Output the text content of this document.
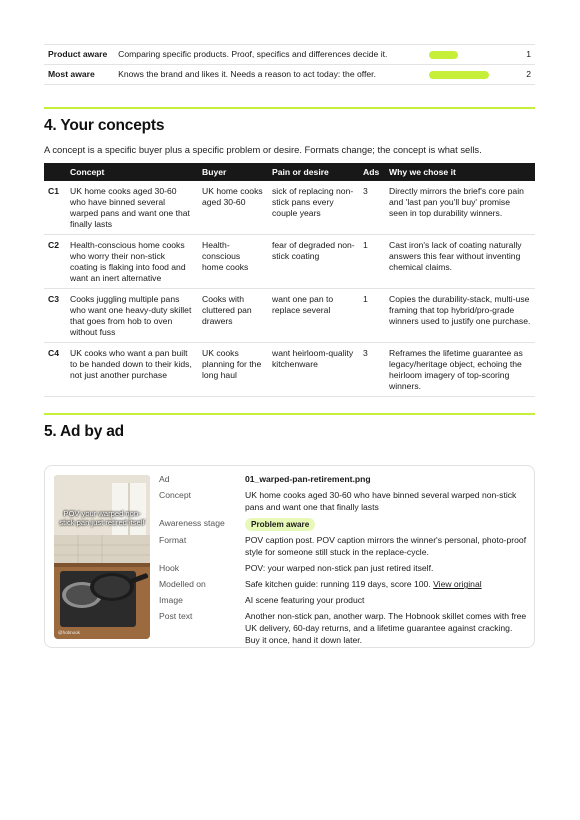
Product aware	Comparing specific products. Proof, specifics and differences decide it.		1
Most aware	Knows the brand and likes it. Needs a reason to act today: the offer.		2
4. Your concepts

A concept is a specific buyer plus a specific problem or desire. Formats change; the concept is what sells.

	Concept	Buyer	Pain or desire	Ads	Why we chose it
C1	UK home cooks aged 30-60 who have binned several warped pans and want one that finally lasts	UK home cooks aged 30-60	sick of replacing non-stick pans every couple years	3	Directly mirrors the brief's core pain and 'last pan you'll buy' promise seen in top durability winners.
C2	Health-conscious home cooks who worry their non-stick coating is flaking into food and want an inert alternative	Health-conscious home cooks	fear of degraded non-stick coating	1	Cast iron's lack of coating naturally answers this fear without inventing chemical claims.
C3	Cooks juggling multiple pans who want one heavy-duty skillet that goes from hob to oven without fuss	Cooks with cluttered pan drawers	want one pan to replace several	1	Copies the durability-stack, multi-use framing that top hybrid/pro-grade winners used to justify one purchase.
C4	UK cooks who want a pan built to be handed down to their kids, not just another purchase	UK cooks planning for the long haul	want heirloom-quality kitchenware	3	Reframes the lifetime guarantee as legacy/heritage object, echoing the heirloom imagery of top-scoring winners.
5. Ad by ad
POV your warped non-stick pan just retired itself
@hobnook
Ad	01_warped-pan-retirement.png
Concept	UK home cooks aged 30-60 who have binned several warped non-stick pans and want one that finally lasts
Awareness stage	Problem aware
Format	POV caption post. POV caption mirrors the winner's personal, photo-proof style for someone still stuck in the replace-cycle.
Hook	POV: your warped non-stick pan just retired itself.
Modelled on	Safe kitchen guide: running 119 days, score 100. View original
Image	AI scene featuring your product
Post text	Another non-stick pan, another warp. The Hobnook skillet comes with free UK delivery, 60-day returns, and a lifetime guarantee against cracking. Buy it once, hand it down later.
